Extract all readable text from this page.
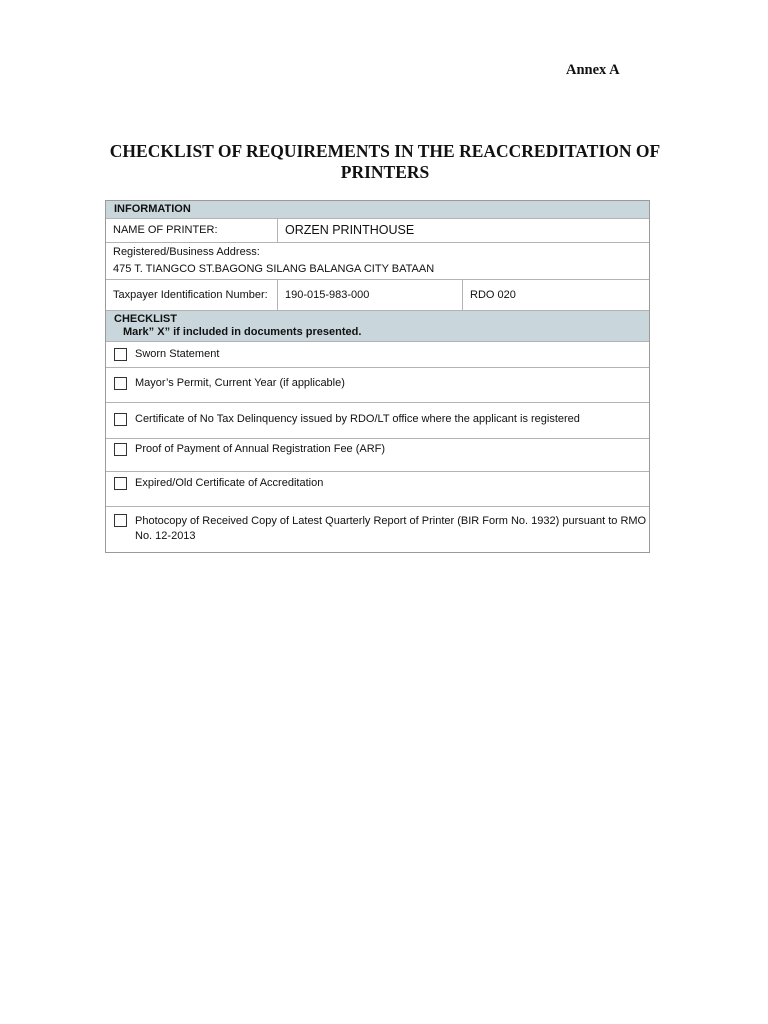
Annex A
CHECKLIST OF REQUIREMENTS IN THE REACCREDITATION OF PRINTERS
INFORMATION
NAME OF PRINTER:	ORZEN PRINTHOUSE
Registered/Business Address:
475 T. TIANGCO ST.BAGONG SILANG BALANGA CITY BATAAN
Taxpayer Identification Number:	190-015-983-000	RDO 020
CHECKLIST
Mark” X” if included in documents presented.
Sworn Statement
Mayor’s Permit, Current Year (if applicable)
Certificate of No Tax Delinquency issued by RDO/LT office where the applicant is registered
Proof of Payment of Annual Registration Fee (ARF)
Expired/Old Certificate of Accreditation
Photocopy of Received Copy of Latest Quarterly Report of Printer (BIR Form No. 1932) pursuant to RMO No. 12-2013
